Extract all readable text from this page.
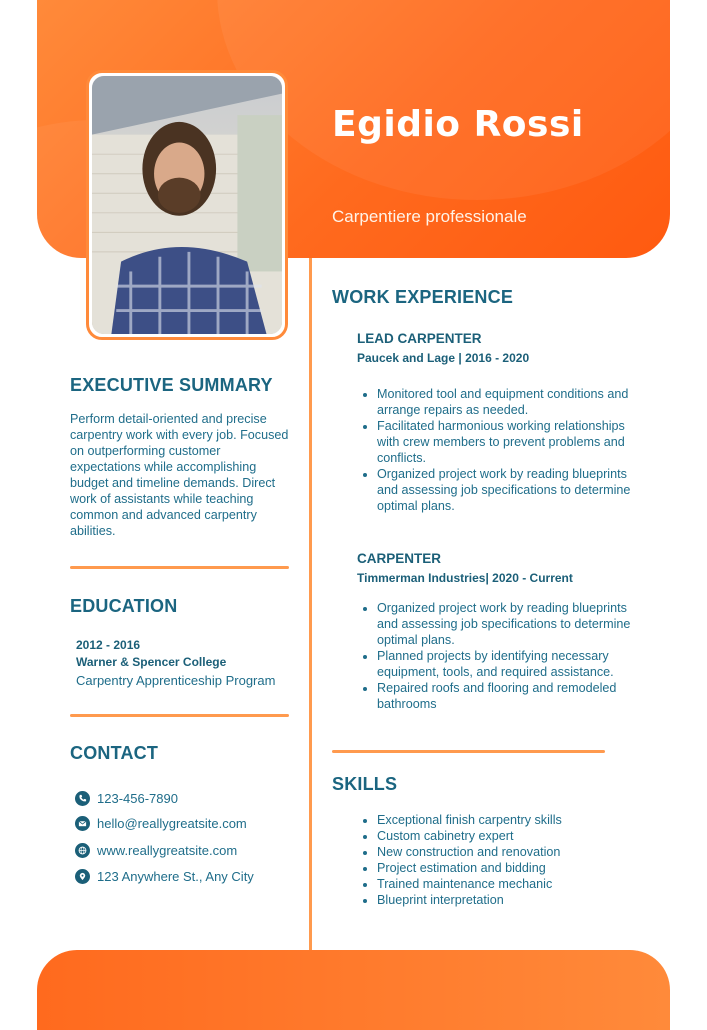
Egidio Rossi

Carpentiere professionale

EXECUTIVE SUMMARY

Perform detail-oriented and precise carpentry work with every job. Focused on outperforming customer expectations while accomplishing budget and timeline demands. Direct work of assistants while teaching common and advanced carpentry abilities.

EDUCATION
2012 - 2016
Warner & Spencer College
Carpentry Apprenticeship Program
CONTACT
123-456-7890
hello@reallygreatsite.com
www.reallygreatsite.com
123 Anywhere St., Any City
WORK EXPERIENCE

LEAD CARPENTER

Paucek and Lage | 2016 - 2020

• Monitored tool and equipment conditions and arrange repairs as needed.
• Facilitated harmonious working relationships with crew members to prevent problems and conflicts.
• Organized project work by reading blueprints and assessing job specifications to determine optimal plans.

CARPENTER

Timmerman Industries| 2020 - Current

• Organized project work by reading blueprints and assessing job specifications to determine optimal plans.
• Planned projects by identifying necessary equipment, tools, and required assistance.
• Repaired roofs and flooring and remodeled bathrooms
SKILLS
• Exceptional finish carpentry skills
• Custom cabinetry expert
• New construction and renovation
• Project estimation and bidding
• Trained maintenance mechanic
• Blueprint interpretation
